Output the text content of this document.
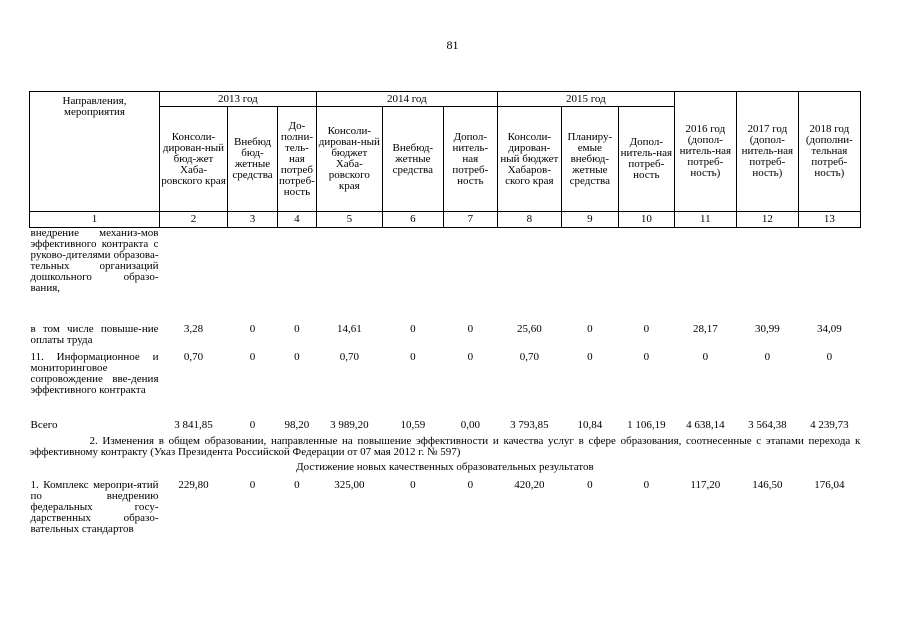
81
Направления, мероприятия	2013 год			2014 год			2015 год			2016 год (допол-нитель-ная потреб-ность)	2017 год (допол-нитель-ная потреб-ность)	2018 год (дополни-тельная потреб-ность)
	Консоли-дирован-ный бюд-жет Хаба-ровского края	Внебюд бюд-жетные средства	До-полни-тель-ная потреб потреб-ность	Консоли-дирован-ный бюджет Хаба-ровского края	Внебюд-жетные средства	Допол-нитель-ная потреб-ность	Консоли-дирован-ный бюджет Хабаров-ского края	Планиру-емые внебюд-жетные средства	Допол-нитель-ная потреб-ность			
1	2	3	4	5	6	7	8	9	10	11	12	13
внедрение механиз-мов эффективного контракта с руково-дителями образова-тельных организаций дошкольного образо-вания,												
в том числе повыше-ние оплаты труда	3,28	0	0	14,61	0	0	25,60	0	0	28,17	30,99	34,09
11. Информационное и мониторинговое сопровождение вве-дения эффективного контракта	0,70	0	0	0,70	0	0	0,70	0	0	0	0	0
Всего	3 841,85	0	98,20	3 989,20	10,59	0,00	3 793,85	10,84	1 106,19	4 638,14	3 564,38	4 239,73
2. Изменения в общем образовании, направленные на повышение эффективности и качества услуг в сфере образования, соотнесенные с этапами перехода к эффективному контракту (Указ Президента Российской Федерации от 07 мая 2012 г. № 597)												
Достижение новых качественных образовательных результатов												
1. Комплекс меропри-ятий по внедрению федеральных госу-дарственных образо-вательных стандартов	229,80	0	0	325,00	0	0	420,20	0	0	117,20	146,50	176,04
